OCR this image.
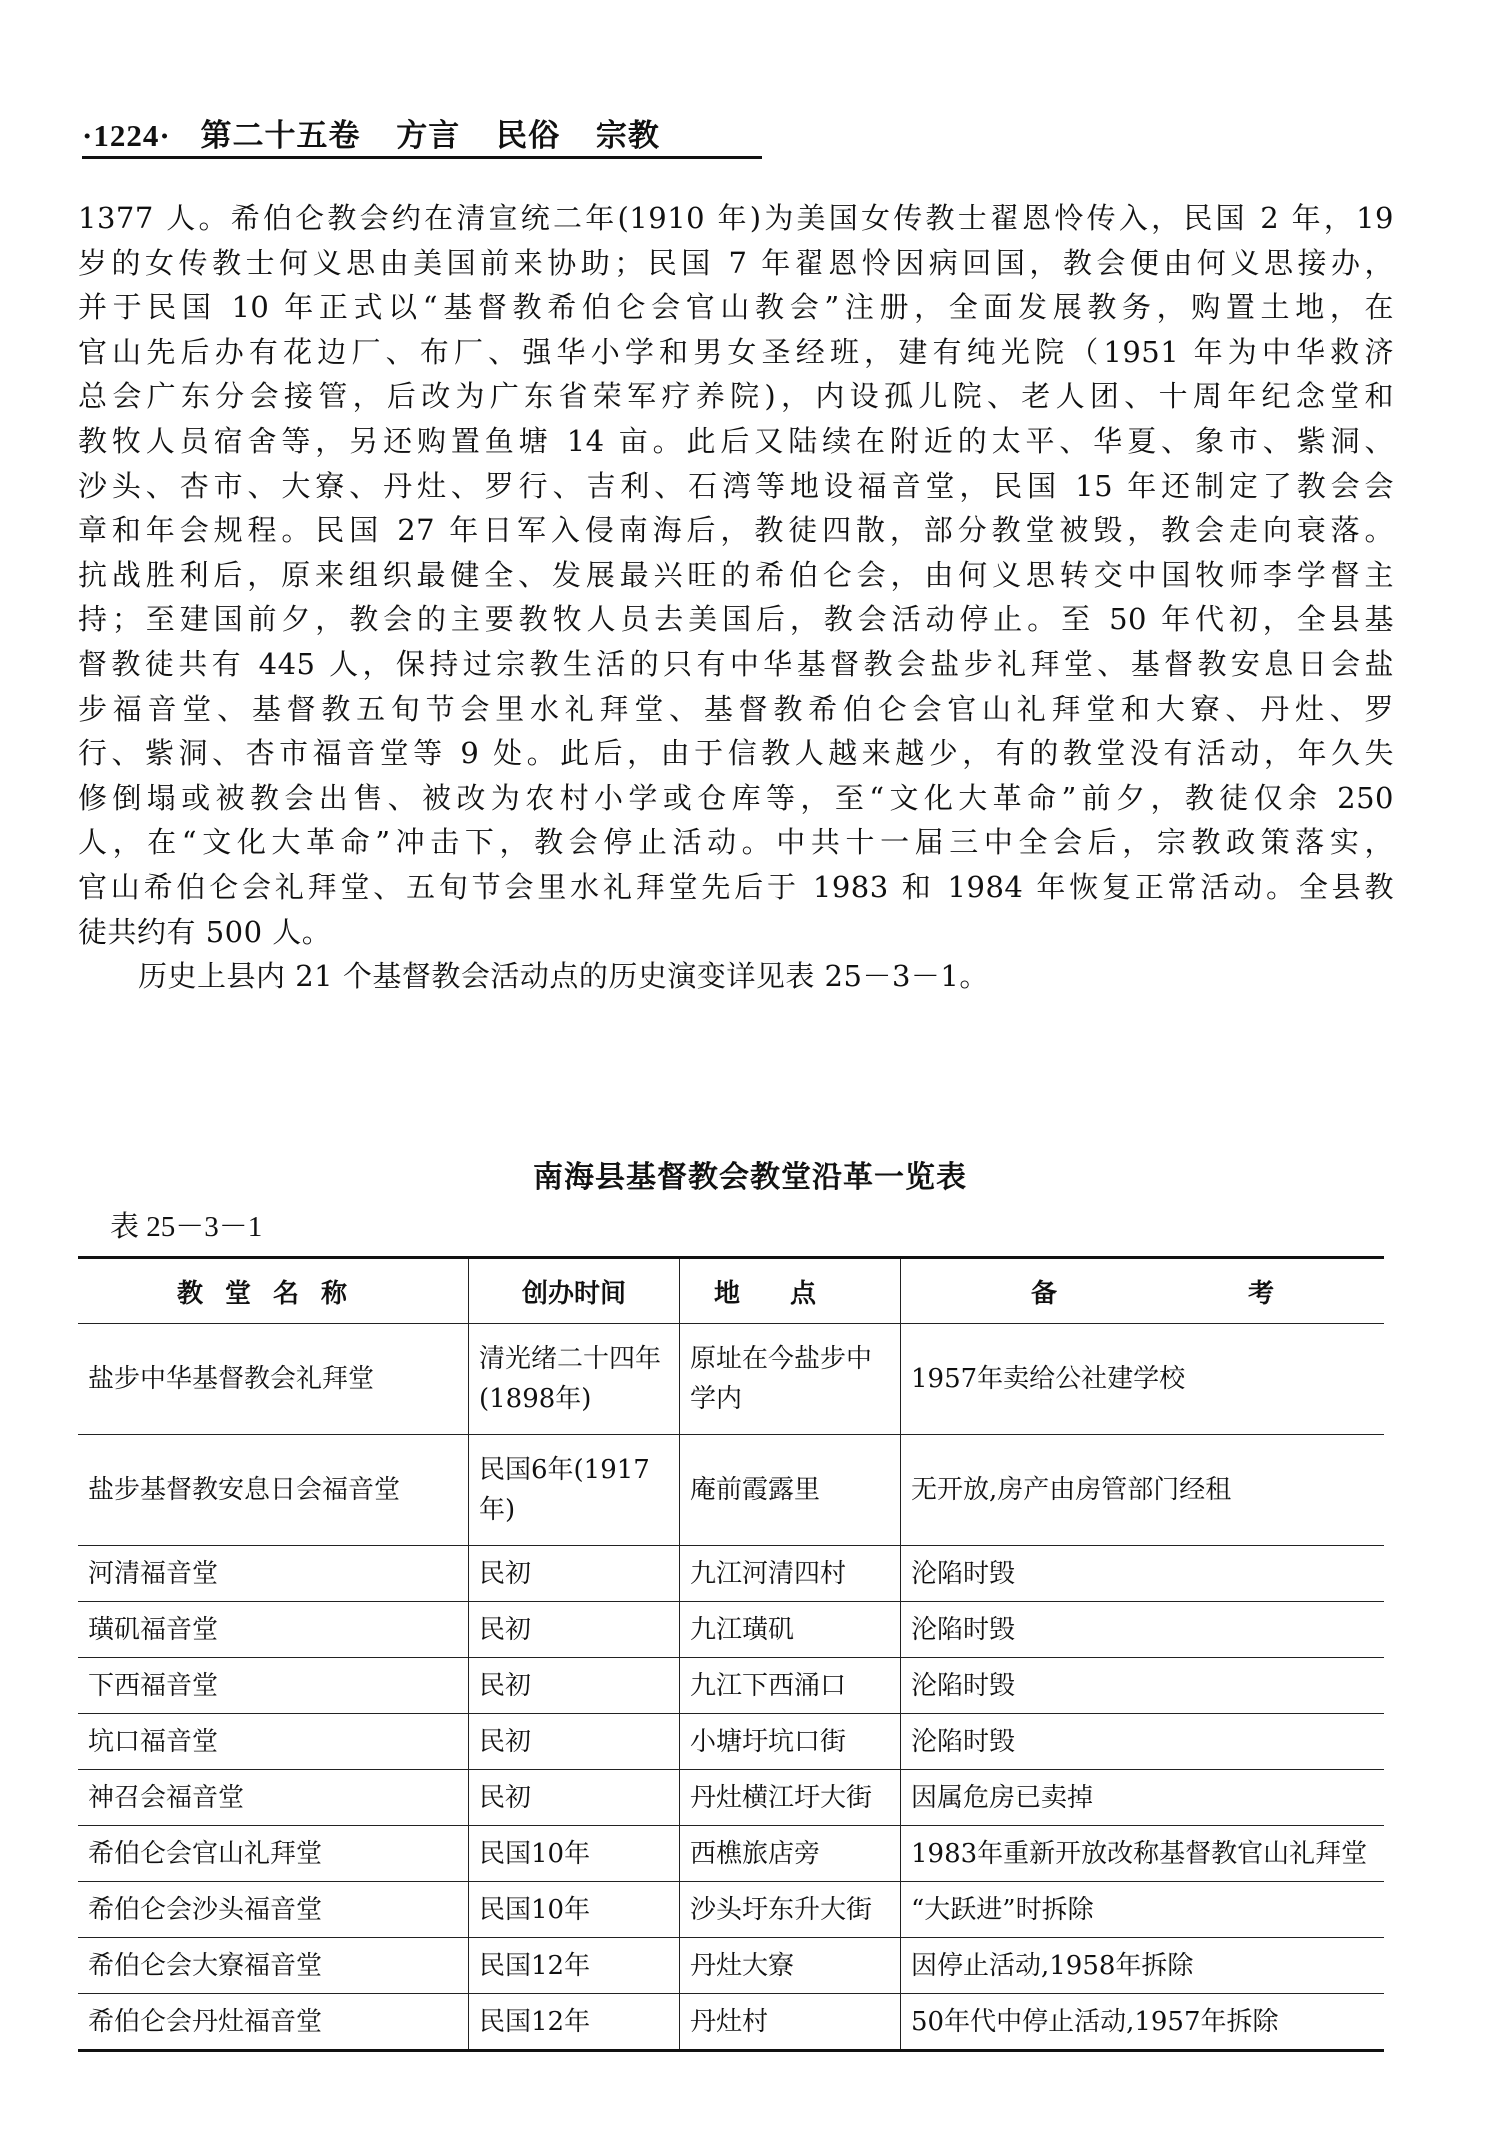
·1224· 第二十五卷 方言 民俗 宗教

1377 人。希伯仑教会约在清宣统二年(1910 年)为美国女传教士翟恩怜传入，民国 2 年，19
岁的女传教士何义思由美国前来协助；民国 7 年翟恩怜因病回国，教会便由何义思接办，
并于民国 10 年正式以“基督教希伯仑会官山教会”注册，全面发展教务，购置土地，在
官山先后办有花边厂、布厂、强华小学和男女圣经班，建有纯光院（1951 年为中华救济
总会广东分会接管，后改为广东省荣军疗养院)，内设孤儿院、老人团、十周年纪念堂和
教牧人员宿舍等，另还购置鱼塘 14 亩。此后又陆续在附近的太平、华夏、象市、紫洞、
沙头、杏市、大寮、丹灶、罗行、吉利、石湾等地设福音堂，民国 15 年还制定了教会会
章和年会规程。民国 27 年日军入侵南海后，教徒四散，部分教堂被毁，教会走向衰落。
抗战胜利后，原来组织最健全、发展最兴旺的希伯仑会，由何义思转交中国牧师李学督主
持；至建国前夕，教会的主要教牧人员去美国后，教会活动停止。至 50 年代初，全县基
督教徒共有 445 人，保持过宗教生活的只有中华基督教会盐步礼拜堂、基督教安息日会盐
步福音堂、基督教五旬节会里水礼拜堂、基督教希伯仑会官山礼拜堂和大寮、丹灶、罗
行、紫洞、杏市福音堂等 9 处。此后，由于信教人越来越少，有的教堂没有活动，年久失
修倒塌或被教会出售、被改为农村小学或仓库等，至“文化大革命”前夕，教徒仅余 250
人，在“文化大革命”冲击下，教会停止活动。中共十一届三中全会后，宗教政策落实，
官山希伯仑会礼拜堂、五旬节会里水礼拜堂先后于 1983 和 1984 年恢复正常活动。全县教
徒共约有 500 人。

历史上县内 21 个基督教会活动点的历史演变详见表 25－3－1。

南海县基督教会教堂沿革一览表
表 25－3－1
教堂名称	创办时间	地点	备 考

盐步中华基督教会礼拜堂	清光绪二十四年(1898年)	原址在今盐步中学内	1957年卖给公社建学校
盐步基督教安息日会福音堂	民国6年(1917年)	庵前霞露里	无开放,房产由房管部门经租
河清福音堂	民初	九江河清四村	沦陷时毁
璜矶福音堂	民初	九江璜矶	沦陷时毁
下西福音堂	民初	九江下西涌口	沦陷时毁
坑口福音堂	民初	小塘圩坑口街	沦陷时毁
神召会福音堂	民初	丹灶横江圩大街	因属危房已卖掉
希伯仑会官山礼拜堂	民国10年	西樵旅店旁	1983年重新开放改称基督教官山礼拜堂
希伯仑会沙头福音堂	民国10年	沙头圩东升大街	“大跃进”时拆除
希伯仑会大寮福音堂	民国12年	丹灶大寮	因停止活动,1958年拆除
希伯仑会丹灶福音堂	民国12年	丹灶村	50年代中停止活动,1957年拆除
